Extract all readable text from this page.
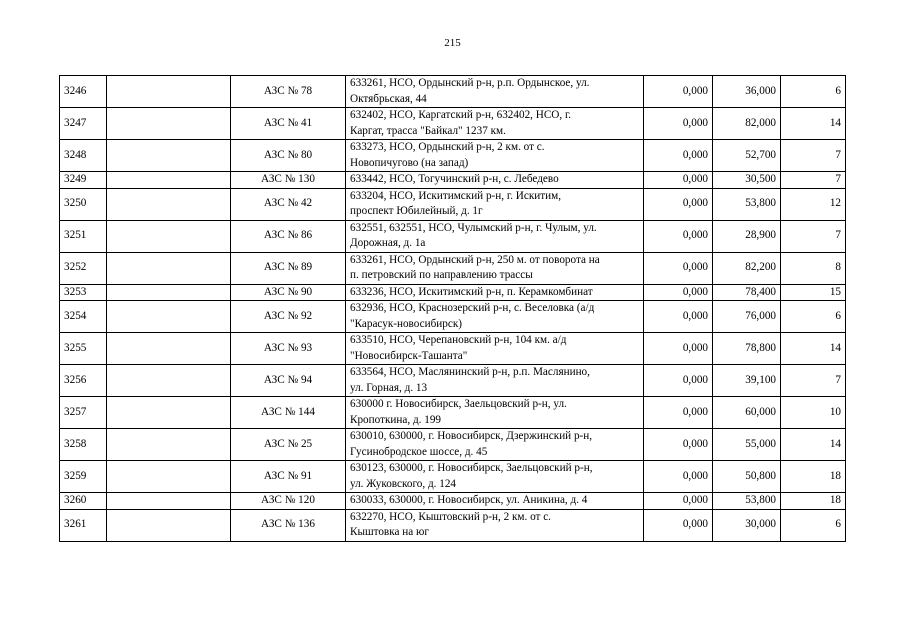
215
3246		АЗС № 78	633261, НСО, Ордынский р-н, р.п. Ордынское, ул.
Октябрьская, 44	0,000	36,000	6
3247		АЗС № 41	632402, НСО, Каргатский р-н, 632402, НСО, г.
Каргат, трасса "Байкал" 1237 км.	0,000	82,000	14
3248		АЗС № 80	633273, НСО, Ордынский р-н, 2 км. от с.
Новопичугово (на запад)	0,000	52,700	7
3249		АЗС № 130	633442, НСО, Тогучинский р-н, с. Лебедево	0,000	30,500	7
3250		АЗС № 42	633204, НСО, Искитимский р-н, г. Искитим,
проспект Юбилейный, д. 1г	0,000	53,800	12
3251		АЗС № 86	632551, 632551, НСО, Чулымский р-н, г. Чулым, ул.
Дорожная, д. 1а	0,000	28,900	7
3252		АЗС № 89	633261, НСО, Ордынский р-н, 250 м. от поворота на
п. петровский по направлению трассы	0,000	82,200	8
3253		АЗС № 90	633236, НСО, Искитимский р-н, п. Керамкомбинат	0,000	78,400	15
3254		АЗС № 92	632936, НСО, Краснозерский р-н, с. Веселовка (а/д
"Карасук-новосибирск)	0,000	76,000	6
3255		АЗС № 93	633510, НСО, Черепановский р-н, 104 км. а/д
"Новосибирск-Ташанта"	0,000	78,800	14
3256		АЗС № 94	633564, НСО, Маслянинский р-н, р.п. Маслянино,
ул. Горная, д. 13	0,000	39,100	7
3257		АЗС № 144	630000 г. Новосибирск, Заельцовский р-н, ул.
Кропоткина, д. 199	0,000	60,000	10
3258		АЗС № 25	630010, 630000, г. Новосибирск, Дзержинский р-н,
Гусинобродское шоссе, д. 45	0,000	55,000	14
3259		АЗС № 91	630123, 630000, г. Новосибирск, Заельцовский р-н,
ул. Жуковского, д. 124	0,000	50,800	18
3260		АЗС № 120	630033, 630000, г. Новосибирск, ул. Аникина, д. 4	0,000	53,800	18
3261		АЗС № 136	632270, НСО, Кыштовский р-н, 2 км. от с.
Кыштовка на юг	0,000	30,000	6
